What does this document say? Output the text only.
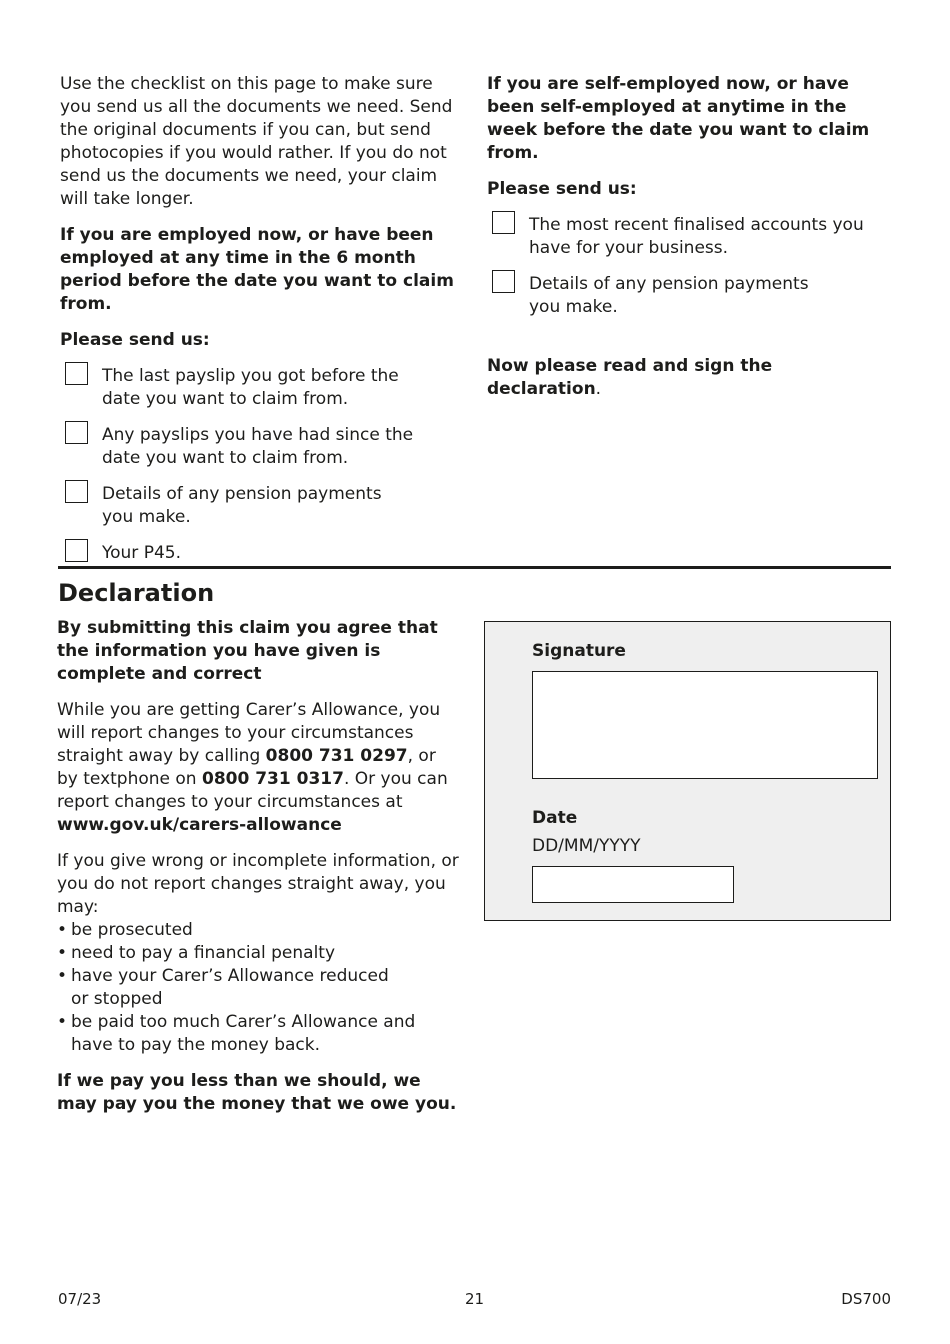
Use the checklist on this page to make sure you send us all the documents we need. Send the original documents if you can, but send photocopies if you would rather. If you do not send us the documents we need, your claim will take longer.

If you are employed now, or have been employed at any time in the 6 month period before the date you want to claim from.

Please send us:

The last payslip you got before the date you want to claim from.
Any payslips you have had since the date you want to claim from.
Details of any pension payments you make.
Your P45.

If you are self-employed now, or have been self-employed at anytime in the week before the date you want to claim from.

Please send us:

The most recent finalised accounts you have for your business.
Details of any pension payments you make.

Now please read and sign the declaration.

Declaration

By submitting this claim you agree that the information you have given is complete and correct

While you are getting Carer’s Allowance, you will report changes to your circumstances straight away by calling 0800 731 0297, or by textphone on 0800 731 0317. Or you can report changes to your circumstances at www.gov.uk/carers-allowance

If you give wrong or incomplete information, or you do not report changes straight away, you may:

• be prosecuted
• need to pay a financial penalty
• have your Carer’s Allowance reduced or stopped
• be paid too much Carer’s Allowance and have to pay the money back.

If we pay you less than we should, we may pay you the money that we owe you.

Signature
Date
DD/MM/YYYY
07/23	21	DS700
